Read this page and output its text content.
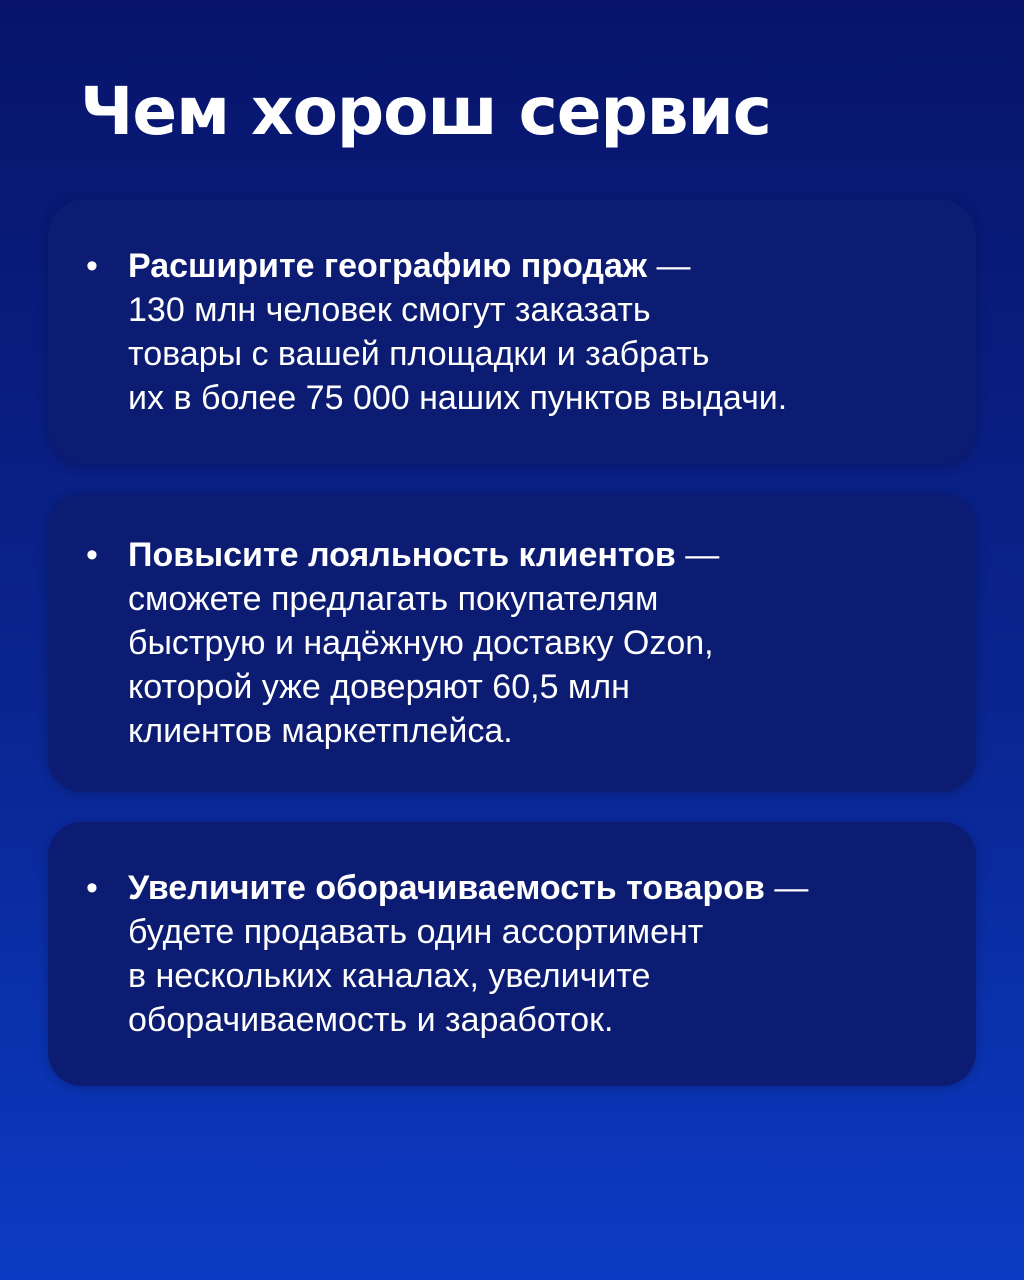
Чем хорош сервис
• Расширите географию продаж —
130 млн человек смогут заказать
товары с вашей площадки и забрать
их в более 75 000 наших пунктов выдачи.
• Повысите лояльность клиентов —
сможете предлагать покупателям
быструю и надёжную доставку Ozon,
которой уже доверяют 60,5 млн
клиентов маркетплейса.
• Увеличите оборачиваемость товаров —
будете продавать один ассортимент
в нескольких каналах, увеличите
оборачиваемость и заработок.
